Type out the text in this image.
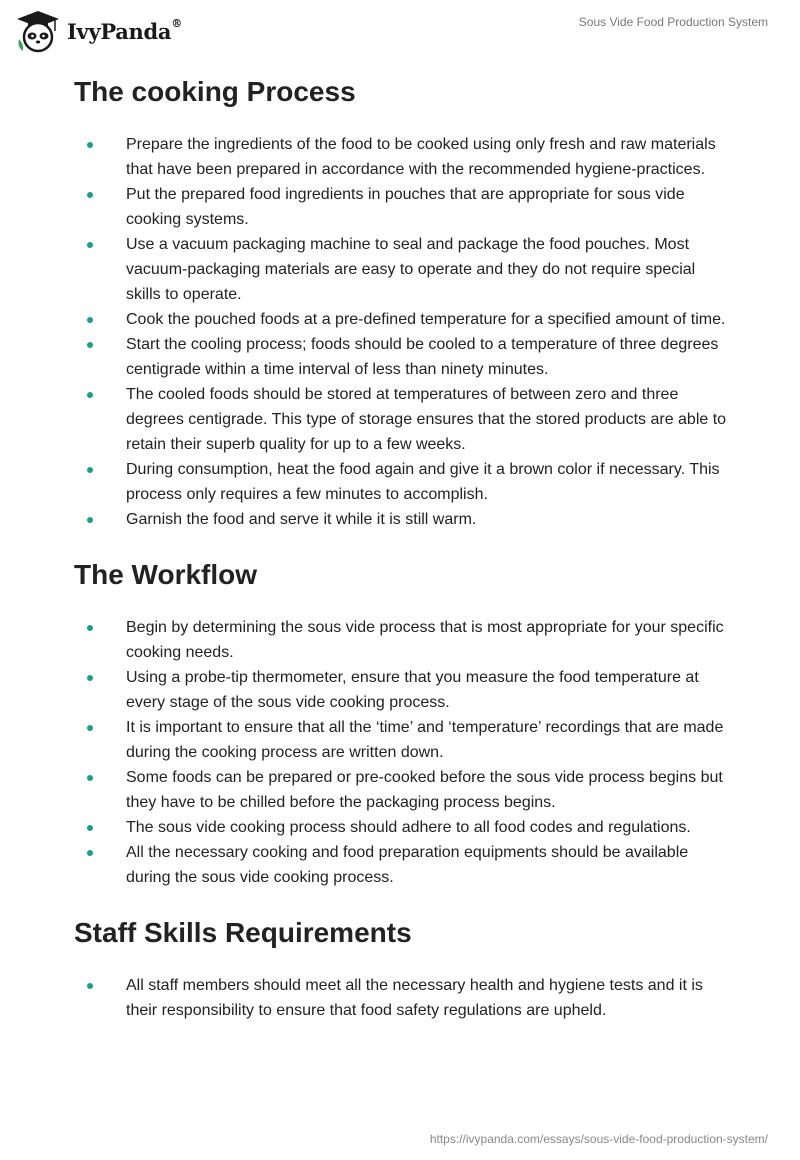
IvyPanda®	Sous Vide Food Production System
The cooking Process
Prepare the ingredients of the food to be cooked using only fresh and raw materials that have been prepared in accordance with the recommended hygiene-practices.
Put the prepared food ingredients in pouches that are appropriate for sous vide cooking systems.
Use a vacuum packaging machine to seal and package the food pouches. Most vacuum-packaging materials are easy to operate and they do not require special skills to operate.
Cook the pouched foods at a pre-defined temperature for a specified amount of time.
Start the cooling process; foods should be cooled to a temperature of three degrees centigrade within a time interval of less than ninety minutes.
The cooled foods should be stored at temperatures of between zero and three degrees centigrade. This type of storage ensures that the stored products are able to retain their superb quality for up to a few weeks.
During consumption, heat the food again and give it a brown color if necessary. This process only requires a few minutes to accomplish.
Garnish the food and serve it while it is still warm.
The Workflow
Begin by determining the sous vide process that is most appropriate for your specific cooking needs.
Using a probe-tip thermometer, ensure that you measure the food temperature at every stage of the sous vide cooking process.
It is important to ensure that all the ‘time’ and ‘temperature’ recordings that are made during the cooking process are written down.
Some foods can be prepared or pre-cooked before the sous vide process begins but they have to be chilled before the packaging process begins.
The sous vide cooking process should adhere to all food codes and regulations.
All the necessary cooking and food preparation equipments should be available during the sous vide cooking process.
Staff Skills Requirements
All staff members should meet all the necessary health and hygiene tests and it is their responsibility to ensure that food safety regulations are upheld.
https://ivypanda.com/essays/sous-vide-food-production-system/
